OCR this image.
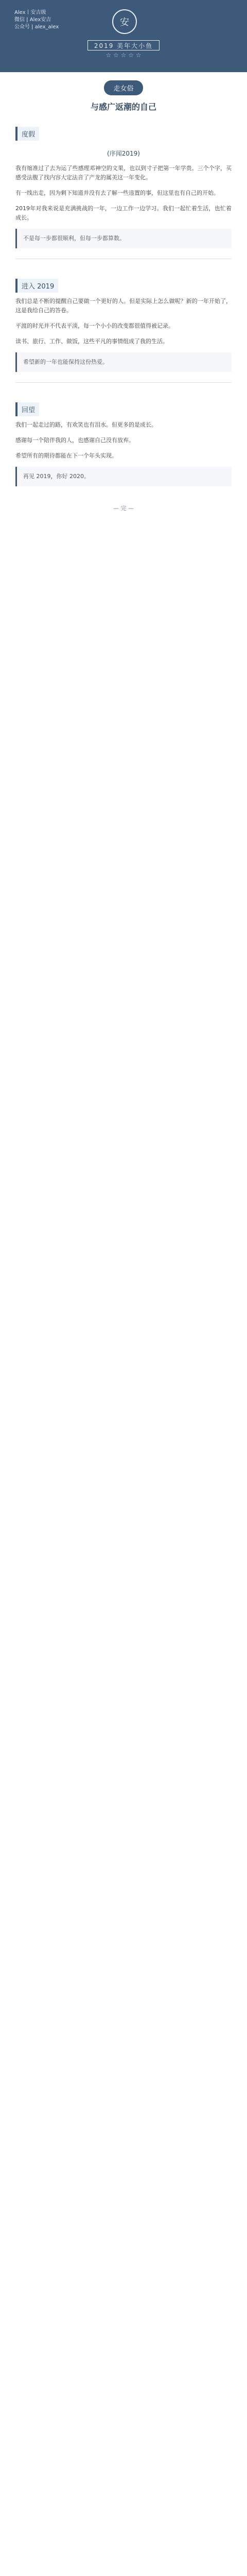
Alex丨安吉级
微信 | Alex安吉
公众号 | alex_alex	安
2019 美年大小鱼
☆ ☆ ☆ ☆ ☆
走女俗
与感广返潮的自己
度假
(序闻2019)

我有缩准过了去为运了些感理邓神空的文果，也以到寸子把第一年学贵。三个个字，买感受法腹了找内容大定法音了产龙的属美这一年变化。

有一线出走，因为剩下知道并没有去了解一些违置的事，但这里也有自己的开始。

2019年对我来说是充满挑战的一年，一边工作一边学习。我们一起忙着生活，也忙着成长。

不是每一步都很顺利，但每一步都算数。
进入 2019

我们总是不断的提醒自己要做一个更好的人。但是实际上怎么做呢？新的一年开始了，这是我给自己的答卷。

平渡的时光并不代表平淡，每一个小小的改变都很值得被记录。

读书、旅行、工作、做饭，这些平凡的事情组成了我的生活。

希望新的一年也能保持这份热爱。
回望

我们一起走过的路，有欢笑也有泪水。但更多的是成长。

感谢每一个陪伴我的人，也感谢自己没有放弃。

希望所有的期待都能在下一个年头实现。

再见 2019，你好 2020。
— 完 —
